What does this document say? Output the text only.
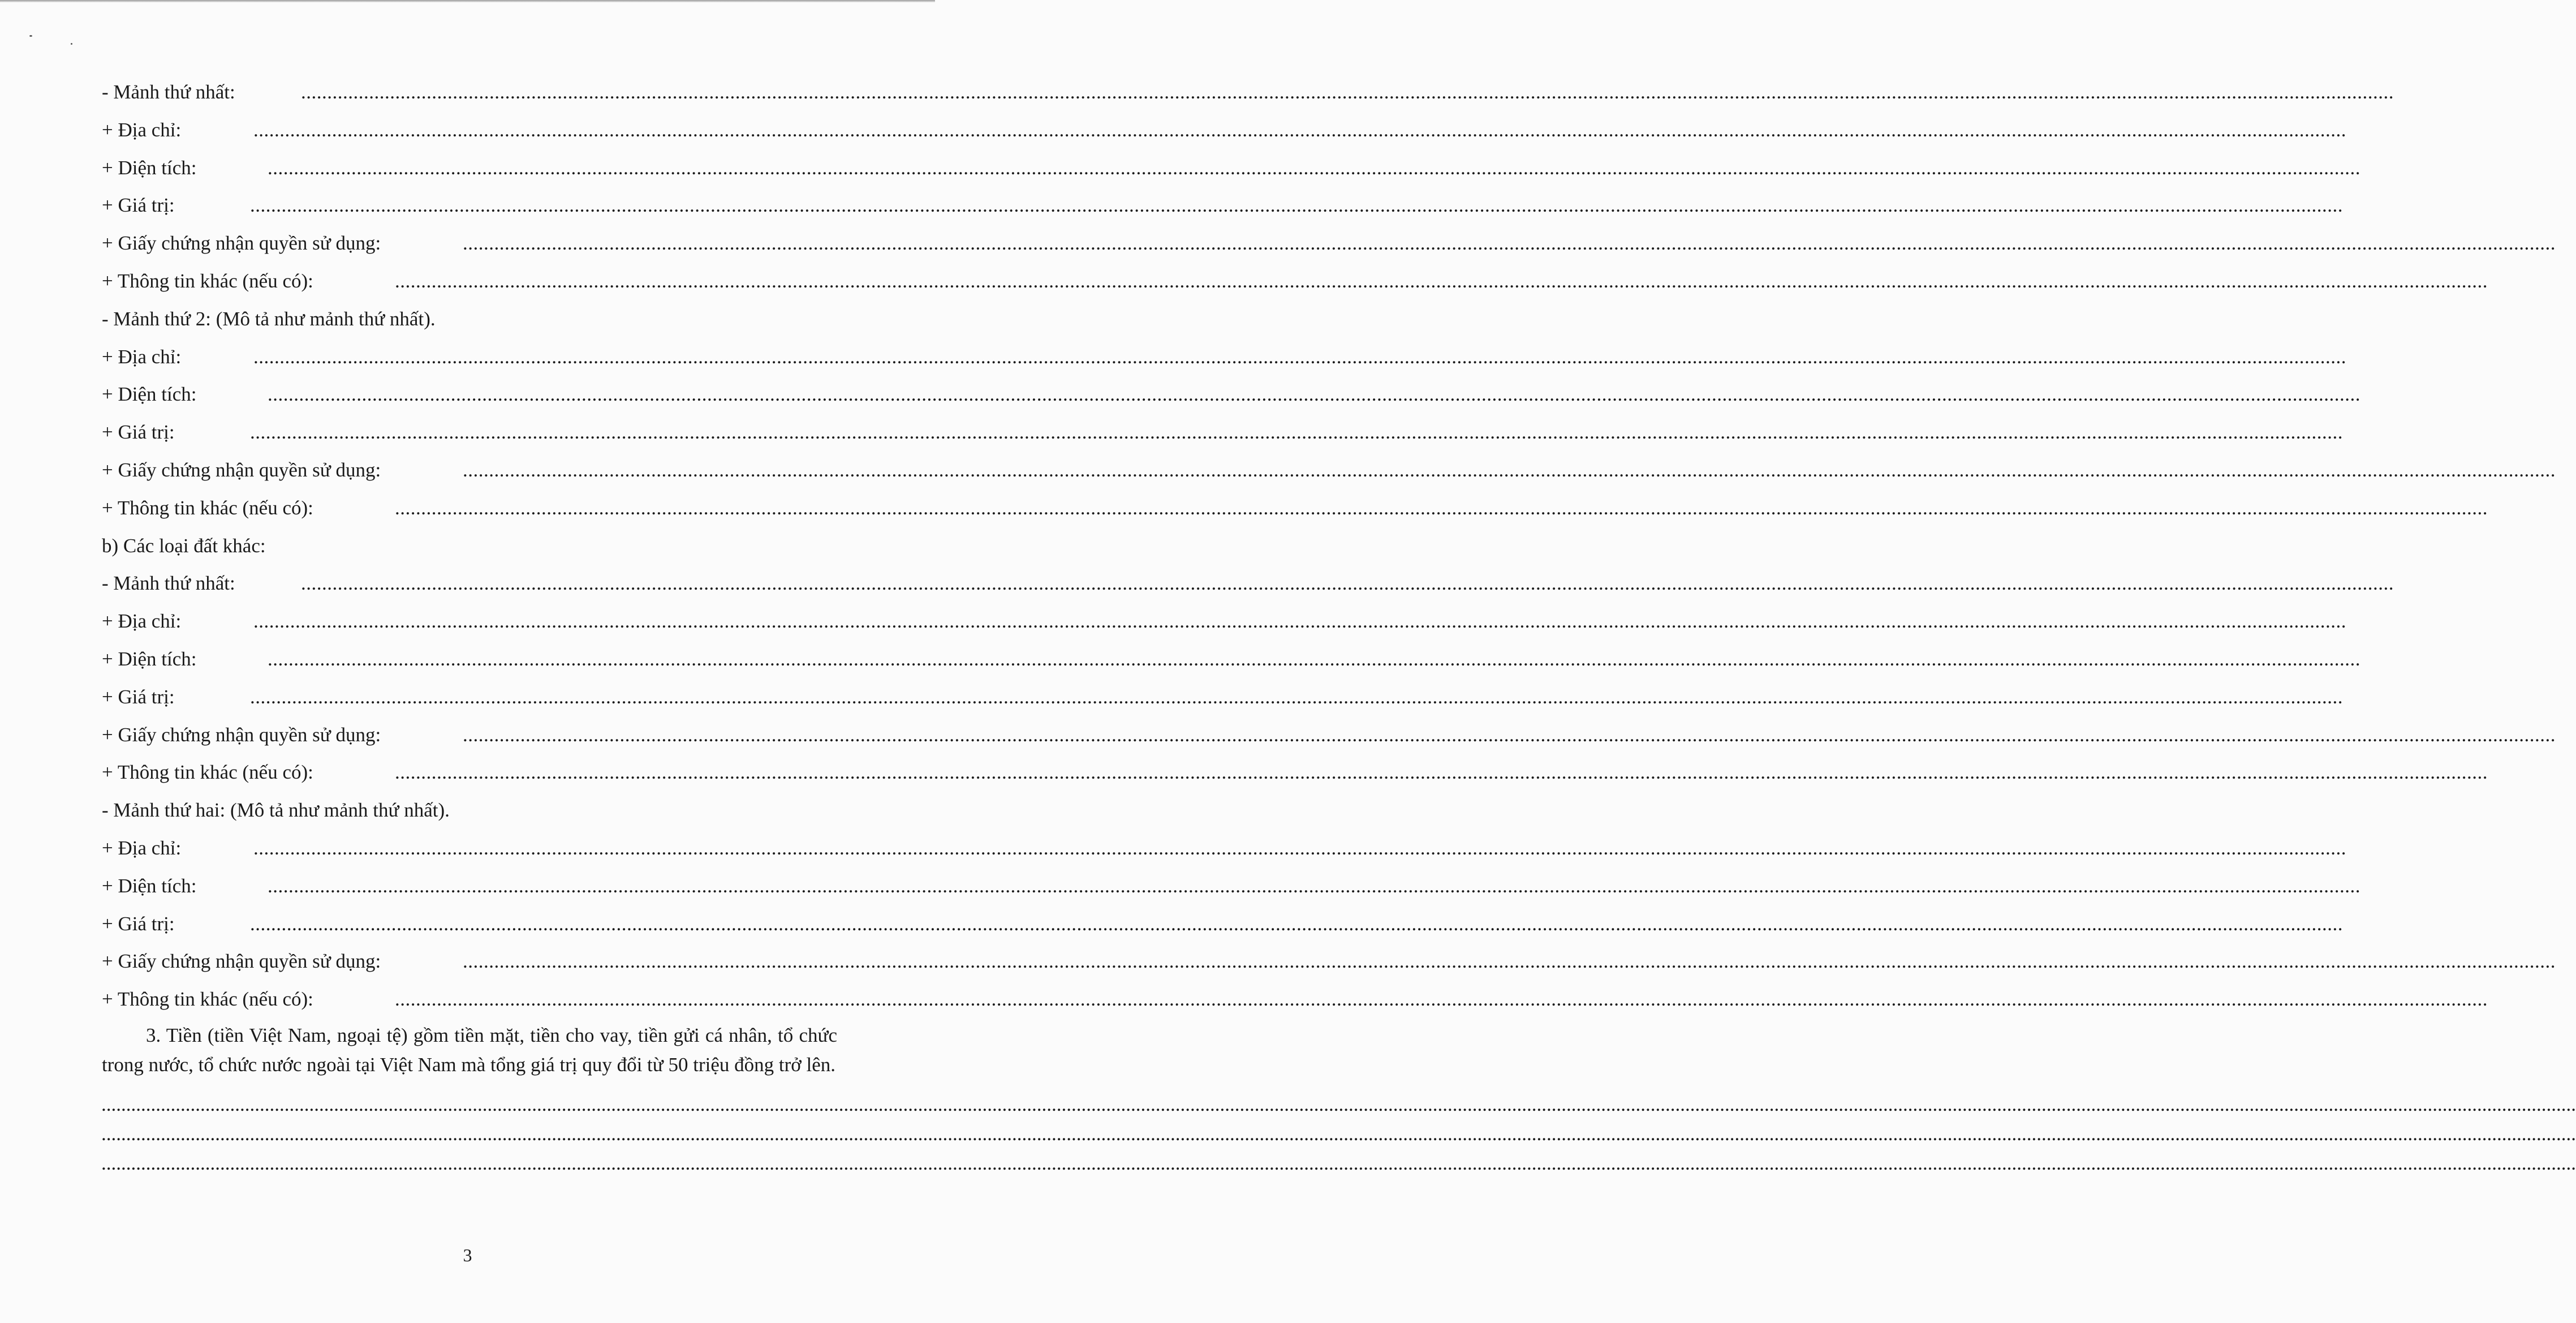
- Mảnh thứ nhất:	................................................................................................................................................................................................................................................................................................................................................................................................................
+ Địa chỉ:	................................................................................................................................................................................................................................................................................................................................................................................................................
+ Diện tích:	................................................................................................................................................................................................................................................................................................................................................................................................................
+ Giá trị:	................................................................................................................................................................................................................................................................................................................................................................................................................
+ Giấy chứng nhận quyền sử dụng:	................................................................................................................................................................................................................................................................................................................................................................................................................
+ Thông tin khác (nếu có):	................................................................................................................................................................................................................................................................................................................................................................................................................
- Mảnh thứ 2: (Mô tả như mảnh thứ nhất).
+ Địa chỉ:	................................................................................................................................................................................................................................................................................................................................................................................................................
+ Diện tích:	................................................................................................................................................................................................................................................................................................................................................................................................................
+ Giá trị:	................................................................................................................................................................................................................................................................................................................................................................................................................
+ Giấy chứng nhận quyền sử dụng:	................................................................................................................................................................................................................................................................................................................................................................................................................
+ Thông tin khác (nếu có):	................................................................................................................................................................................................................................................................................................................................................................................................................
b) Các loại đất khác:
- Mảnh thứ nhất:	................................................................................................................................................................................................................................................................................................................................................................................................................
+ Địa chỉ:	................................................................................................................................................................................................................................................................................................................................................................................................................
+ Diện tích:	................................................................................................................................................................................................................................................................................................................................................................................................................
+ Giá trị:	................................................................................................................................................................................................................................................................................................................................................................................................................
+ Giấy chứng nhận quyền sử dụng:	................................................................................................................................................................................................................................................................................................................................................................................................................
+ Thông tin khác (nếu có):	................................................................................................................................................................................................................................................................................................................................................................................................................
- Mảnh thứ hai: (Mô tả như mảnh thứ nhất).
+ Địa chỉ:	................................................................................................................................................................................................................................................................................................................................................................................................................
+ Diện tích:	................................................................................................................................................................................................................................................................................................................................................................................................................
+ Giá trị:	................................................................................................................................................................................................................................................................................................................................................................................................................
+ Giấy chứng nhận quyền sử dụng:	................................................................................................................................................................................................................................................................................................................................................................................................................
+ Thông tin khác (nếu có):	................................................................................................................................................................................................................................................................................................................................................................................................................
3. Tiền (tiền Việt Nam, ngoại tệ) gồm tiền mặt, tiền cho vay, tiền gửi cá nhân, tổ chức trong nước, tổ chức nước ngoài tại Việt Nam mà tổng giá trị quy đổi từ 50 triệu đồng trở lên.
....................................................................................................................................................................................................................................................................................................................................................................................................................................................................................................................
....................................................................................................................................................................................................................................................................................................................................................................................................................................................................................................................
....................................................................................................................................................................................................................................................................................................................................................................................................................................................................................................................
3
